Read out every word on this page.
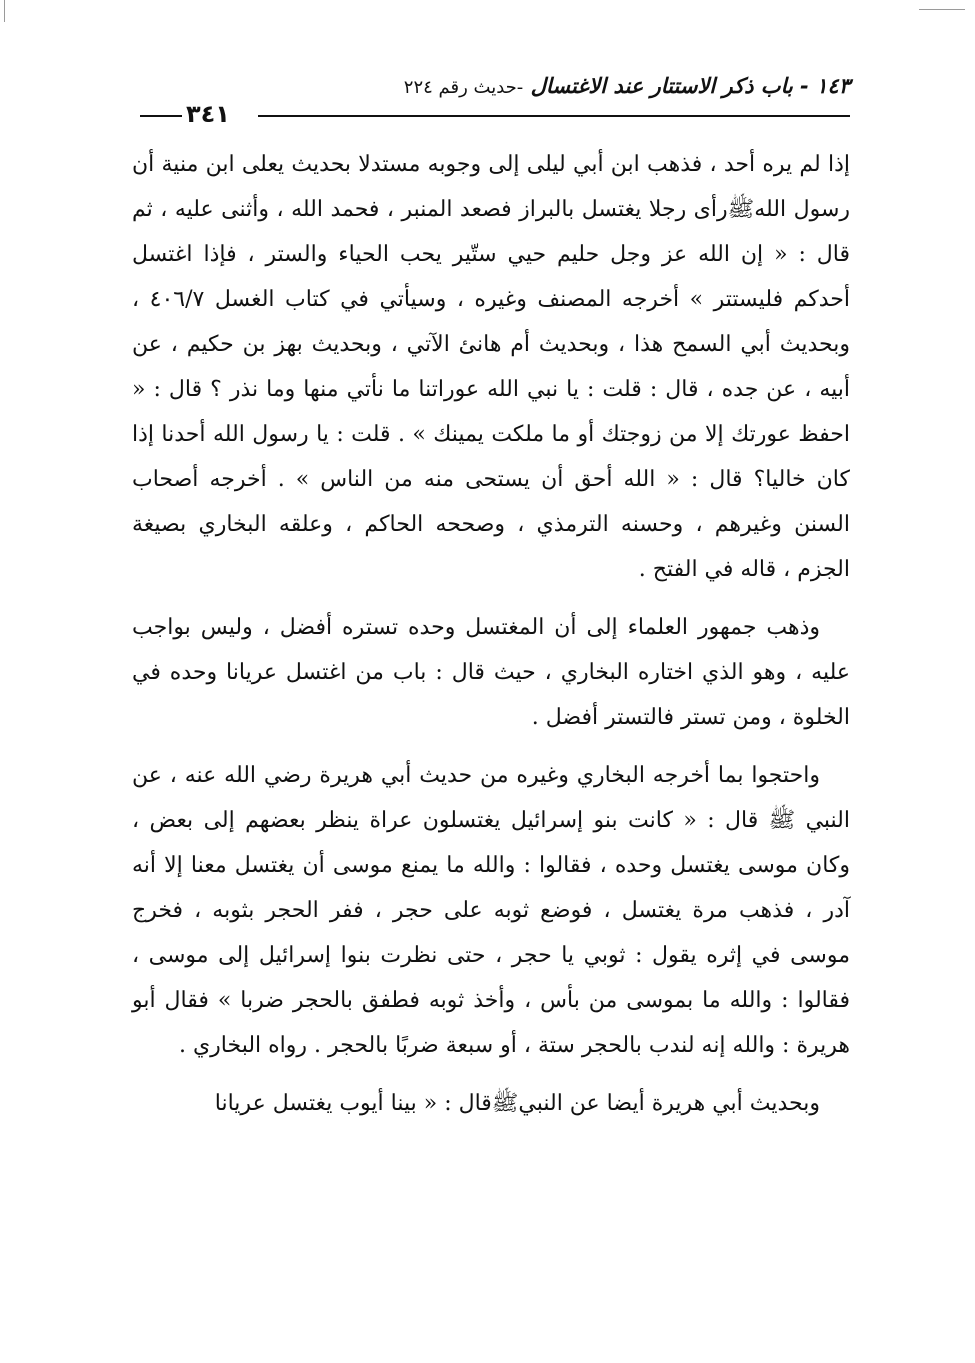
١٤٣ - باب ذكر الاستتار عند الاغتسال -حديث رقم ٢٢٤
٣٤١

إذا لم يره أحد ، فذهب ابن أبي ليلى إلى وجوبه مستدلا بحديث يعلى ابن منية أن رسول اللهﷺرأى رجلا يغتسل بالبراز فصعد المنبر ، فحمد الله ، وأثنى عليه ، ثم قال : « إن الله عز وجل حليم حيي ستّير يحب الحياء والستر ، فإذا اغتسل أحدكم فليستتر » أخرجه المصنف وغيره ، وسيأتي في كتاب الغسل ٤٠٦/٧ ، وبحديث أبي السمح هذا ، وبحديث أم هانئ الآتي ، وبحديث بهز بن حكيم ، عن أبيه ، عن جده ، قال : قلت : يا نبي الله عوراتنا ما نأتي منها وما نذر ؟ قال : « احفظ عورتك إلا من زوجتك أو ما ملكت يمينك » . قلت : يا رسول الله أحدنا إذا كان خاليا؟ قال : « الله أحق أن يستحى منه من الناس » . أخرجه أصحاب السنن وغيرهم ، وحسنه الترمذي ، وصححه الحاكم ، وعلقه البخاري بصيغة الجزم ، قاله في الفتح .

وذهب جمهور العلماء إلى أن المغتسل وحده تستره أفضل ، وليس بواجب عليه ، وهو الذي اختاره البخاري ، حيث قال : باب من اغتسل عريانا وحده في الخلوة ، ومن تستر فالتستر أفضل .

واحتجوا بما أخرجه البخاري وغيره من حديث أبي هريرة رضي الله عنه ، عن النبي ﷺ قال : « كانت بنو إسرائيل يغتسلون عراة ينظر بعضهم إلى بعض ، وكان موسى يغتسل وحده ، فقالوا : والله ما يمنع موسى أن يغتسل معنا إلا أنه آدر ، فذهب مرة يغتسل ، فوضع ثوبه على حجر ، ففر الحجر بثوبه ، فخرج موسى في إثره يقول : ثوبي يا حجر ، حتى نظرت بنوا إسرائيل إلى موسى ، فقالوا : والله ما بموسى من بأس ، وأخذ ثوبه فطفق بالحجر ضربا » فقال أبو هريرة : والله إنه لندب بالحجر ستة ، أو سبعة ضربًا بالحجر . رواه البخاري .

وبحديث أبي هريرة أيضا عن النبيﷺقال : « بينا أيوب يغتسل عريانا
